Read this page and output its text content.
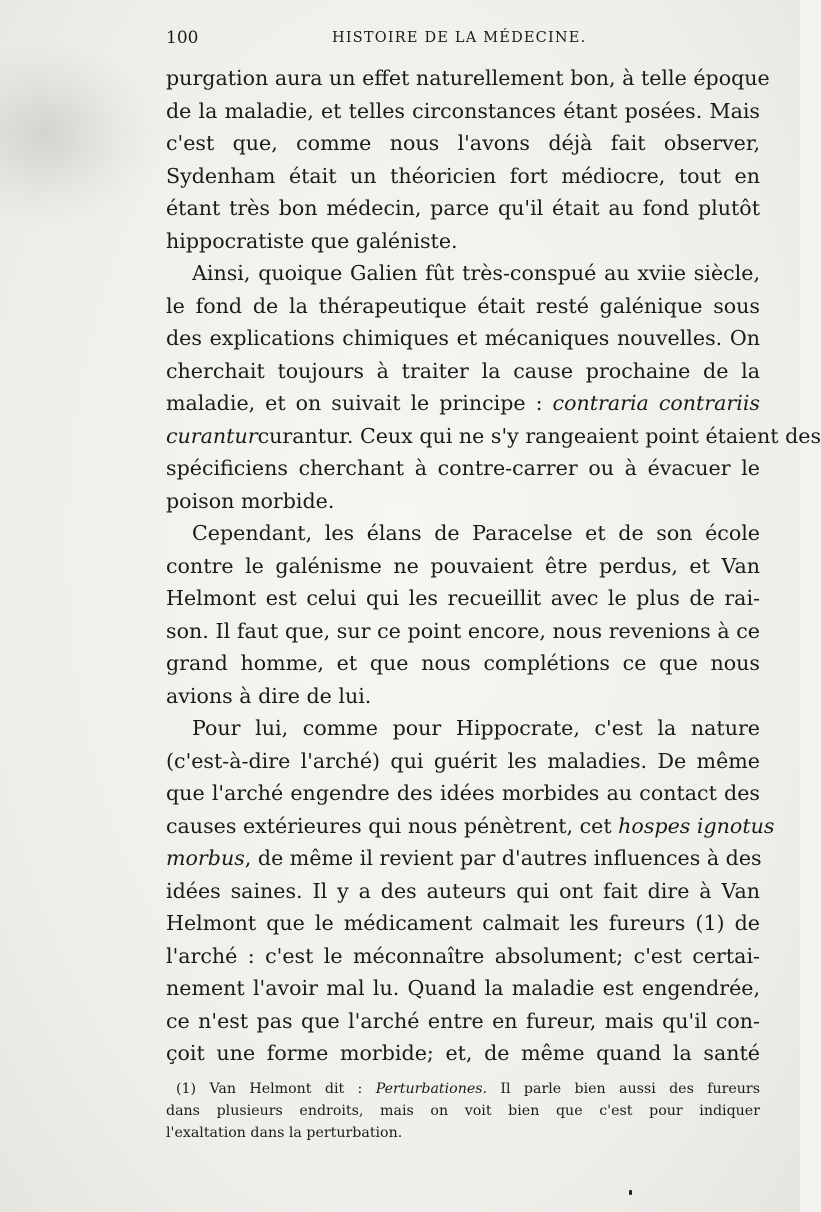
100	HISTOIRE DE LA MÉDECINE.
purgation aura un effet naturellement bon, à telle époque
de la maladie, et telles circonstances étant posées. Mais
c'est que, comme nous l'avons déjà fait observer,
Sydenham était un théoricien fort médiocre, tout en
étant très bon médecin, parce qu'il était au fond plutôt
hippocratiste que galéniste.
Ainsi, quoique Galien fût très-conspué au xviie siècle,
le fond de la thérapeutique était resté galénique sous
des explications chimiques et mécaniques nouvelles. On
cherchait toujours à traiter la cause prochaine de la
maladie, et on suivait le principe : contraria contrariis
curanturcurantur. Ceux qui ne s'y rangeaient point étaient des
spécificiens cherchant à contre-carrer ou à évacuer le
poison morbide.
Cependant, les élans de Paracelse et de son école
contre le galénisme ne pouvaient être perdus, et Van
Helmont est celui qui les recueillit avec le plus de rai-
son. Il faut que, sur ce point encore, nous revenions à ce
grand homme, et que nous complétions ce que nous
avions à dire de lui.
Pour lui, comme pour Hippocrate, c'est la nature
(c'est-à-dire l'arché) qui guérit les maladies. De même
que l'arché engendre des idées morbides au contact des
causes extérieures qui nous pénètrent, cet hospes ignotus
morbus, de même il revient par d'autres influences à des
idées saines. Il y a des auteurs qui ont fait dire à Van
Helmont que le médicament calmait les fureurs (1) de
l'arché : c'est le méconnaître absolument; c'est certai-
nement l'avoir mal lu. Quand la maladie est engendrée,
ce n'est pas que l'arché entre en fureur, mais qu'il con-
çoit une forme morbide; et, de même quand la santé
(1) Van Helmont dit : Perturbationes. Il parle bien aussi des fureurs
dans plusieurs endroits, mais on voit bien que c'est pour indiquer
l'exaltation dans la perturbation.
